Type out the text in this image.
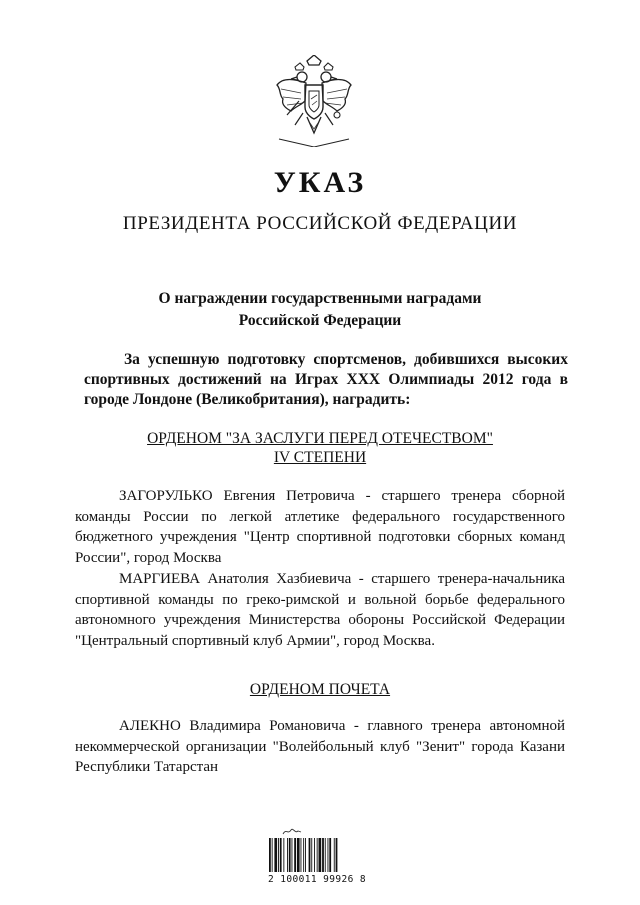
УКАЗ
ПРЕЗИДЕНТА РОССИЙСКОЙ ФЕДЕРАЦИИ
О награждении государственными наградами
Российской Федерации
За успешную подготовку спортсменов, добившихся высоких спортивных достижений на Играх XXX Олимпиады 2012 года в городе Лондоне (Великобритания), наградить:
ОРДЕНОМ "ЗА ЗАСЛУГИ ПЕРЕД ОТЕЧЕСТВОМ"
IV СТЕПЕНИ
ЗАГОРУЛЬКО Евгения Петровича - старшего тренера сборной команды России по легкой атлетике федерального государственного бюджетного учреждения "Центр спортивной подготовки сборных команд России", город Москва
МАРГИЕВА Анатолия Хазбиевича - старшего тренера-начальника спортивной команды по греко-римской и вольной борьбе федерального автономного учреждения Министерства обороны Российской Федерации "Центральный спортивный клуб Армии", город Москва.
ОРДЕНОМ ПОЧЕТА
АЛЕКНО Владимира Романовича - главного тренера автономной некоммерческой организации "Волейбольный клуб "Зенит" города Казани Республики Татарстан
2 100011 99926 8
